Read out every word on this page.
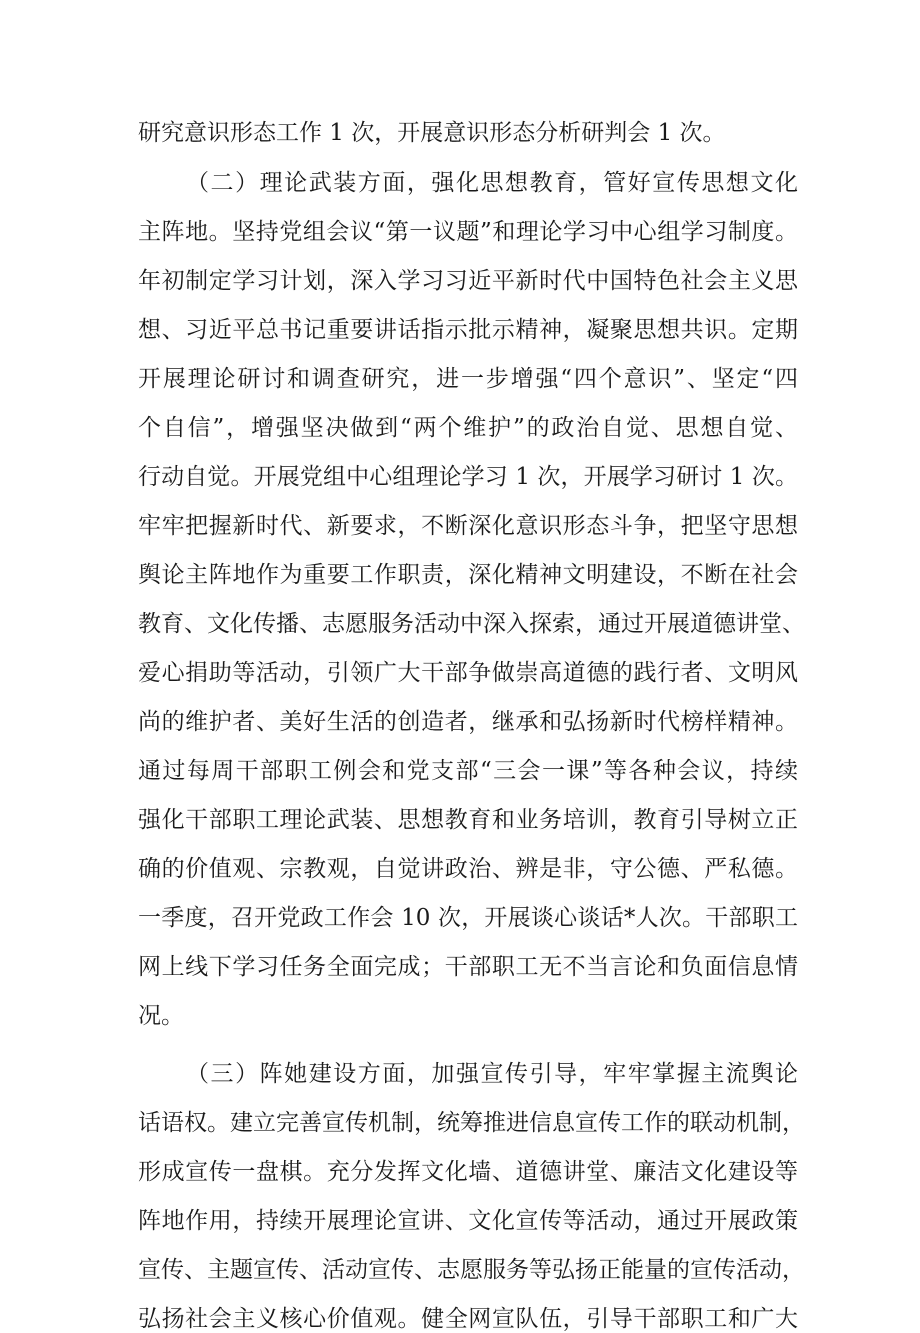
研究意识形态工作 1 次，开展意识形态分析研判会 1 次。
（二）理论武装方面，强化思想教育，管好宣传思想文化
主阵地。坚持党组会议“第一议题”和理论学习中心组学习制度。
年初制定学习计划，深入学习习近平新时代中国特色社会主义思
想、习近平总书记重要讲话指示批示精神，凝聚思想共识。定期
开展理论研讨和调查研究，进一步增强“四个意识”、坚定“四
个自信”，增强坚决做到“两个维护”的政治自觉、思想自觉、
行动自觉。开展党组中心组理论学习 1 次，开展学习研讨 1 次。
牢牢把握新时代、新要求，不断深化意识形态斗争，把坚守思想
舆论主阵地作为重要工作职责，深化精神文明建设，不断在社会
教育、文化传播、志愿服务活动中深入探索，通过开展道德讲堂、
爱心捐助等活动，引领广大干部争做崇高道德的践行者、文明风
尚的维护者、美好生活的创造者，继承和弘扬新时代榜样精神。
通过每周干部职工例会和党支部“三会一课”等各种会议，持续
强化干部职工理论武装、思想教育和业务培训，教育引导树立正
确的价值观、宗教观，自觉讲政治、辨是非，守公德、严私德。
一季度，召开党政工作会 10 次，开展谈心谈话*人次。干部职工
网上线下学习任务全面完成；干部职工无不当言论和负面信息情
况。
（三）阵她建设方面，加强宣传引导，牢牢掌握主流舆论
话语权。建立完善宣传机制，统筹推进信息宣传工作的联动机制，
形成宣传一盘棋。充分发挥文化墙、道德讲堂、廉洁文化建设等
阵地作用，持续开展理论宣讲、文化宣传等活动，通过开展政策
宣传、主题宣传、活动宣传、志愿服务等弘扬正能量的宣传活动，
弘扬社会主义核心价值观。健全网宣队伍，引导干部职工和广大
